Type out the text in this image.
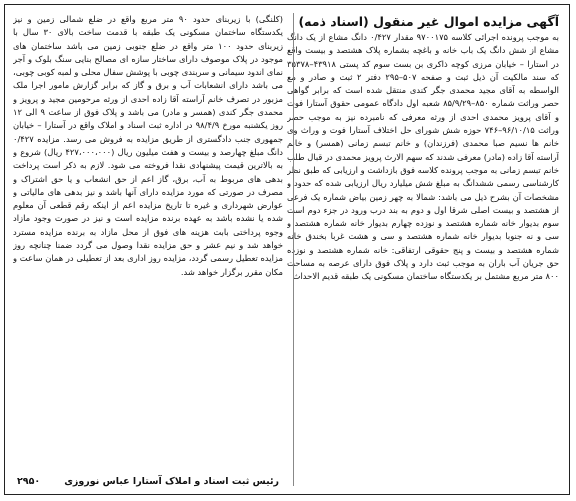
آگهی مزایده اموال غیر منقول (اسناد ذمه)

به موجب پرونده اجرائی کلاسه ۹۷۰۰۱۷۵ مقدار ۰/۴۲۷ دانگ مشاع از یک دانگ مشاع از شش دانگ یک باب خانه و باغچه بشماره پلاک هشتصد و بیست واقع در استارا – خیابان مرزی کوچه ذاکری بن بست سوم کد پستی ۴۳۹۱۸–۳۵۳۷۸ که سند مالکیت آن ذیل ثبت و صفحه ۵۰۷–۲۹۵ دفتر ۲ ثبت و صادر و مع الواسطه به آقای مجید محمدی جگر کندی منتقل شده است که برابر گواهی حصر وراثت شماره ۸۵۰–۸۵/۹/۲۹ شعبه اول دادگاه عمومی حقوق آستارا فوت و آقای پرویز محمدی احدی از ورثه معرفی که نامبرده نیز به موجب حصر وراثت ۹۶/۱۰/۱۵–۷۴۶ حوزه شش شورای حل اختلاف آستارا فوت و وراث وی خانم ها نسیم صبا محمدی (فرزندان) و خانم تبسم زمانی (همسر) و خانم آراسته آقا زاده (مادر) معرفی شدند که سهم الارث پرویز محمدی در قبال طلب خانم تبسم زمانی به موجب پرونده کلاسه فوق بازداشت و ارزیابی که طبق نظر کارشناسی رسمی ششدانگ به مبلغ شش میلیارد ریال ارزیابی شده که حدود و مشخصات آن بشرح ذیل می باشد: شمالا به چهر زمین بیاض شماره یک فرعی از هشتصد و بیست اصلی شرقا اول و دوم به بند درب ورود در جزء دوم است سوم بدیوار خانه شماره هشتصد و نوزده چهارم بدیوار خانه شماره هشتصد و سی و نه جنوبا بدیوار خانه شماره هشتصد و سی و هشت غربا بخندق خانه شماره هشتصد و بیست و پنج حقوقی ارتفاقی: خانه شماره هشتصد و نوزده حق جریان آب باران به موجب ثبت دارد و پلاک فوق دارای عرصه به مساحت ۸۰۰ متر مربع مشتمل بر یکدستگاه ساختمان مسکونی یک طبقه قدیم الاحداث

(کلنگی) با زیربنای حدود ۹۰ متر مربع واقع در ضلع شمالی زمین و نیز یکدستگاه ساختمان مسکونی یک طبقه با قدمت ساخت بالای ۳۰ سال با زیربنای حدود ۱۰۰ متر واقع در ضلع جنوبی زمین می باشد ساختمان های موجود در پلاک موصوف دارای ساختار سازه ای مصالح بنایی سنگ بلوک و آجر نمای اندود سیمانی و سربندی چوبی با پوشش سفال محلی و لمبه کوبی چوبی، می باشد دارای انشعابات آب و برق و گاز که برابر گزارش مامور اجرا ملک مزبور در تصرف خانم آراسته آقا زاده احدی از ورثه مرحومین مجید و پرویز و محمدی جگر کندی (همسر و مادر) می باشد و پلاک فوق از ساعت ۹ الی ۱۲ روز یکشنبه مورخ ۹۸/۴/۹ در اداره ثبت اسناد و املاک واقع در آستارا – خیابان جمهوری جنب دادگستری از طریق مزایده به فروش می رسد. مزایده ۰/۴۲۷ دانگ مبلغ چهارصد و بیست و هفت میلیون ریال (۴۲۷،۰۰۰،۰۰۰ ریال) شروع و به بالاترین قیمت پیشنهادی نقدا فروخته می شود. لازم به ذکر است پرداخت بدهی های مربوط به آب، برق، گاز اعم از حق انشعاب و یا حق اشتراک و مصرف در صورتی که مورد مزایده دارای آنها باشد و نیز بدهی های مالیاتی و عوارض شهرداری و غیره تا تاریخ مزایده اعم از اینکه رقم قطعی آن معلوم شده یا نشده باشد به عهده برنده مزایده است و نیز در صورت وجود مازاد وجوه پرداختی بابت هزینه های فوق از محل مازاد به برنده مزایده مسترد خواهد شد و نیم عشر و حق مزایده نقدا وصول می گردد ضمنا چنانچه روز مزایده تعطیل رسمی گردد، مزایده روز اداری بعد از تعطیلی در همان ساعت و مکان مقرر برگزار خواهد شد.

رئیس ثبت اسناد و املاک آستارا عباس نوروزی
۲۹۵۰
